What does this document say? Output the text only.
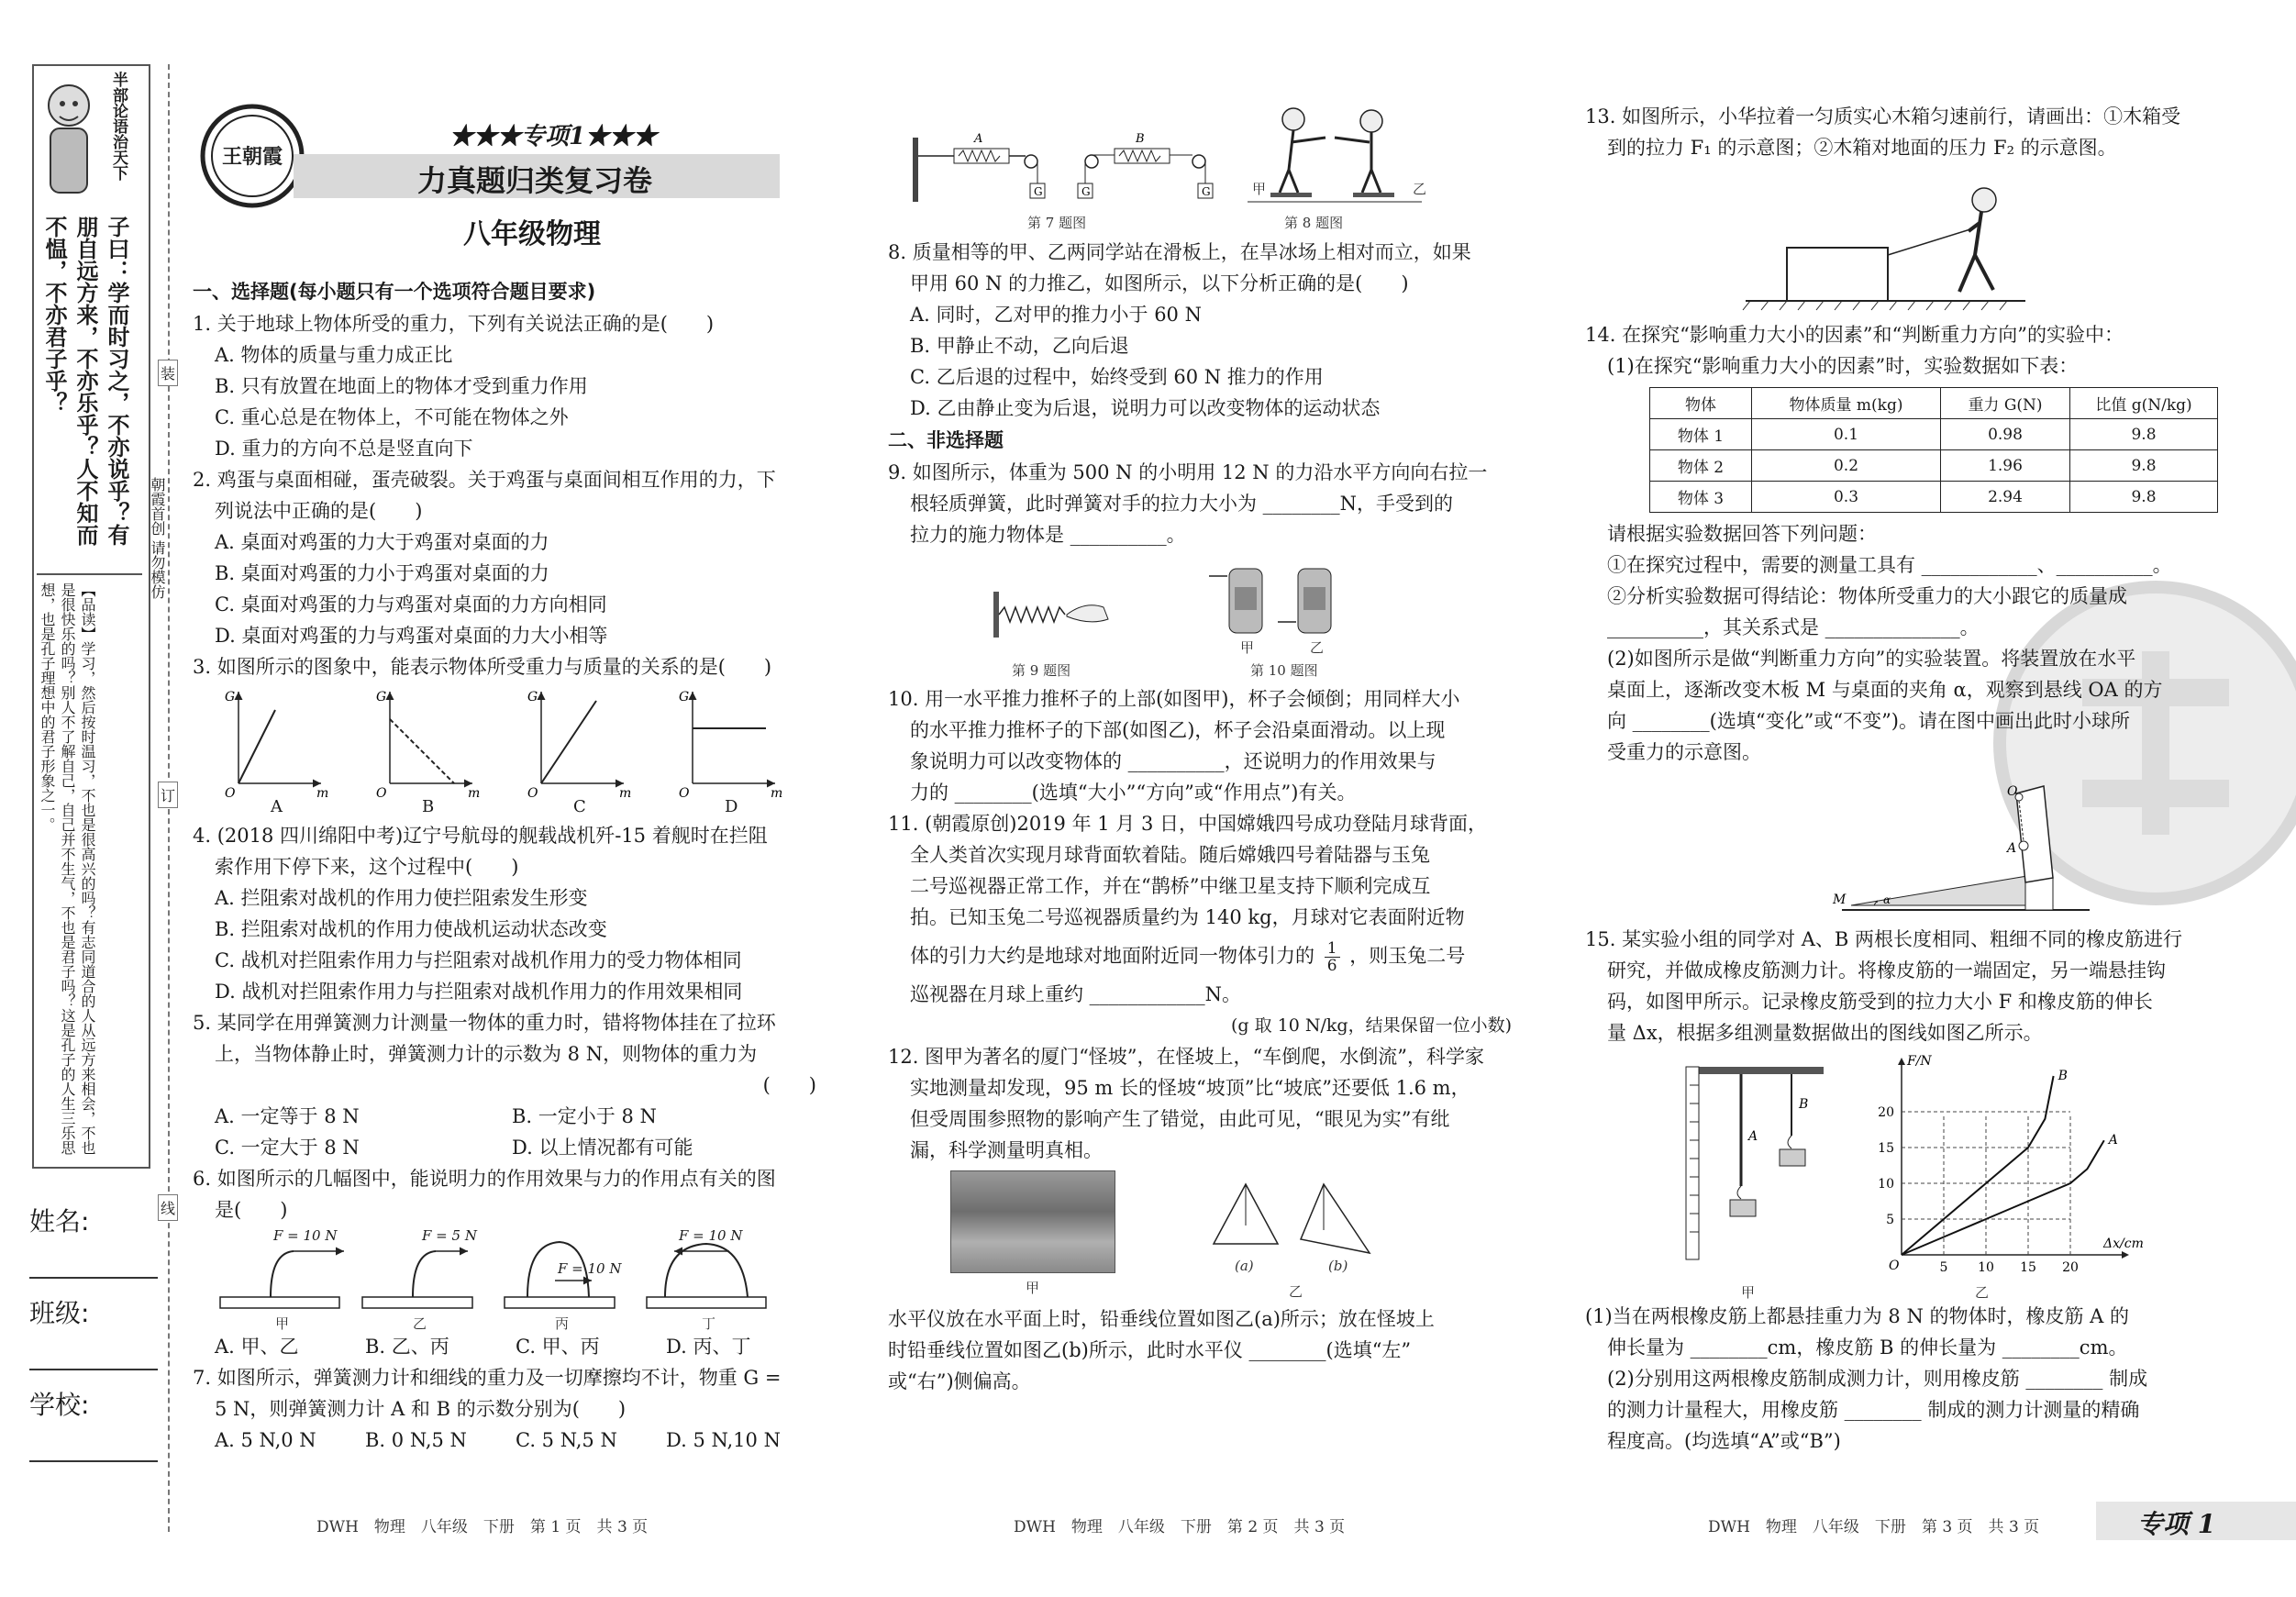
半部论语治天下
子曰：学而时习之，不亦说乎？有朋自远方来，不亦乐乎？人不知而不愠，不亦君子乎？
【品读】学习，然后按时温习，不也是很高兴的吗？有志同道合的人从远方来相会，不也是很快乐的吗？别人不了解自己，自己并不生气，不也是君子吗？这是孔子的人生三乐思想，也是孔子理想中的君子形象之一。
姓名:
班级:
学校:
装
订
线
朝霞首创 请勿模仿
王朝霞
★★★专项1★★★
力真题归类复习卷
八年级物理
一、选择题(每小题只有一个选项符合题目要求)
1. 关于地球上物体所受的重力，下列有关说法正确的是(　　)
A. 物体的质量与重力成正比
B. 只有放置在地面上的物体才受到重力作用
C. 重心总是在物体上，不可能在物体之外
D. 重力的方向不总是竖直向下
2. 鸡蛋与桌面相碰，蛋壳破裂。关于鸡蛋与桌面间相互作用的力，下
列说法中正确的是(　　)
A. 桌面对鸡蛋的力大于鸡蛋对桌面的力
B. 桌面对鸡蛋的力小于鸡蛋对桌面的力
C. 桌面对鸡蛋的力与鸡蛋对桌面的力方向相同
D. 桌面对鸡蛋的力与鸡蛋对桌面的力大小相等
3. 如图所示的图象中，能表示物体所受重力与质量的关系的是(　　)
G
O	m
G
O	m
G
O	m
G
O	m
A	B	C	D
4. (2018 四川绵阳中考)辽宁号航母的舰载战机歼-15 着舰时在拦阻
索作用下停下来，这个过程中(　　)
A. 拦阻索对战机的作用力使拦阻索发生形变
B. 拦阻索对战机的作用力使战机运动状态改变
C. 战机对拦阻索作用力与拦阻索对战机作用力的受力物体相同
D. 战机对拦阻索作用力与拦阻索对战机作用力的作用效果相同
5. 某同学在用弹簧测力计测量一物体的重力时，错将物体挂在了拉环
上，当物体静止时，弹簧测力计的示数为 8 N，则物体的重力为
(　　)
A. 一定等于 8 N	B. 一定小于 8 N
C. 一定大于 8 N	D. 以上情况都有可能
6. 如图所示的几幅图中，能说明力的作用效果与力的作用点有关的图
是(　　)
F = 10 N	F = 5 N
F = 10 N
F = 10 N
甲	乙	丙	丁
A. 甲、乙	B. 乙、丙	C. 甲、丙	D. 丙、丁
7. 如图所示，弹簧测力计和细线的重力及一切摩擦均不计，物重 G =
5 N，则弹簧测力计 A 和 B 的示数分别为(　　)
A. 5 N,0 N	B. 0 N,5 N	C. 5 N,5 N	D. 5 N,10 N
DWH　物理　八年级　下册　第 1 页　共 3 页
G
A
G	G
B
第 7 题图	第 8 题图
甲	乙
8. 质量相等的甲、乙两同学站在滑板上，在旱冰场上相对而立，如果
甲用 60 N 的力推乙，如图所示，以下分析正确的是(　　)
A. 同时，乙对甲的推力小于 60 N
B. 甲静止不动，乙向后退
C. 乙后退的过程中，始终受到 60 N 推力的作用
D. 乙由静止变为后退，说明力可以改变物体的运动状态
二、非选择题
9. 如图所示，体重为 500 N 的小明用 12 N 的力沿水平方向向右拉一
根轻质弹簧，此时弹簧对手的拉力大小为 ________N，手受到的
拉力的施力物体是 __________。
甲	乙
第 9 题图	第 10 题图
10. 用一水平推力推杯子的上部(如图甲)，杯子会倾倒；用同样大小
的水平推力推杯子的下部(如图乙)，杯子会沿桌面滑动。以上现
象说明力可以改变物体的 __________，还说明力的作用效果与
力的 ________(选填“大小”“方向”或“作用点”)有关。
11. (朝霞原创)2019 年 1 月 3 日，中国嫦娥四号成功登陆月球背面，
全人类首次实现月球背面软着陆。随后嫦娥四号着陆器与玉兔
二号巡视器正常工作，并在“鹊桥”中继卫星支持下顺利完成互
拍。已知玉兔二号巡视器质量约为 140 kg，月球对它表面附近物
体的引力大约是地球对地面附近同一物体引力的 $\frac{1}{6}$ ，则玉兔二号
巡视器在月球上重约 ____________N。
(g 取 10 N/kg，结果保留一位小数)
12. 图甲为著名的厦门“怪坡”，在怪坡上，“车倒爬，水倒流”，科学家
实地测量却发现，95 m 长的怪坡“坡顶”比“坡底”还要低 1.6 m，
但受周围参照物的影响产生了错觉，由此可见，“眼见为实”有纰
漏，科学测量明真相。
甲
(a)	(b)
乙
水平仪放在水平面上时，铅垂线位置如图乙(a)所示；放在怪坡上
时铅垂线位置如图乙(b)所示，此时水平仪 ________(选填“左”
或“右”)侧偏高。
DWH　物理　八年级　下册　第 2 页　共 3 页
13. 如图所示，小华拉着一匀质实心木箱匀速前行，请画出：①木箱受
到的拉力 F₁ 的示意图；②木箱对地面的压力 F₂ 的示意图。
14. 在探究“影响重力大小的因素”和“判断重力方向”的实验中：
(1)在探究“影响重力大小的因素”时，实验数据如下表：
物体	物体质量 m(kg)	重力 G(N)	比值 g(N/kg)
物体 1	0.1	0.98	9.8
物体 2	0.2	1.96	9.8
物体 3	0.3	2.94	9.8
请根据实验数据回答下列问题：
①在探究过程中，需要的测量工具有 ____________、__________。
②分析实验数据可得结论：物体所受重力的大小跟它的质量成
__________，其关系式是 ______________。
(2)如图所示是做“判断重力方向”的实验装置。将装置放在水平
桌面上，逐渐改变木板 M 与桌面的夹角 α，观察到悬线 OA 的方
向 ________(选填“变化”或“不变”)。请在图中画出此时小球所
受重力的示意图。
O
A
M	α
15. 某实验小组的同学对 A、B 两根长度相同、粗细不同的橡皮筋进行
研究，并做成橡皮筋测力计。将橡皮筋的一端固定，另一端悬挂钩
码，如图甲所示。记录橡皮筋受到的拉力大小 F 和橡皮筋的伸长
量 Δx，根据多组测量数据做出的图线如图乙所示。
A
B
5 10 15 20
5
10
15
20
Δx/cm
F/N
O
A
B
甲	乙
(1)当在两根橡皮筋上都悬挂重力为 8 N 的物体时，橡皮筋 A 的
伸长量为 ________cm，橡皮筋 B 的伸长量为 ________cm。
(2)分别用这两根橡皮筋制成测力计，则用橡皮筋 ________ 制成
的测力计量程大，用橡皮筋 ________ 制成的测力计测量的精确
程度高。(均选填“A”或“B”)
DWH　物理　八年级　下册　第 3 页　共 3 页	专项 1
